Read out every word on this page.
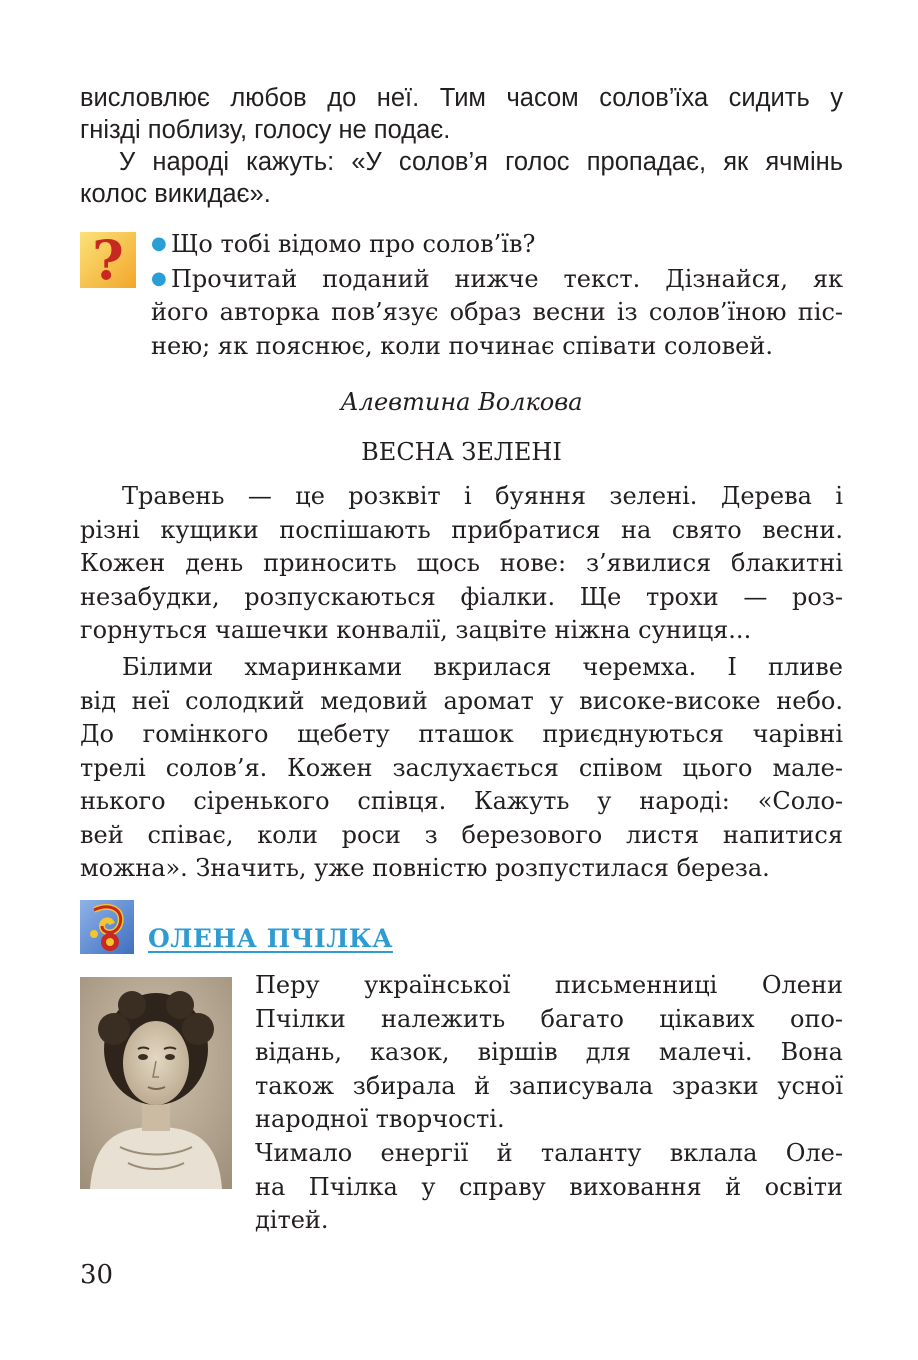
висловлює любов до неї. Тим часом солов’їха сидить у

гнізді поблизу, голосу не подає.

У народі кажуть: «У солов’я голос пропадає, як ячмінь

колос викидає».

? ● Що тобі відомо про солов’їв?

● Прочитай поданий нижче текст. Дізнайся, як

його авторка пов’язує образ весни із солов’їною піс-

нею; як пояснює, коли починає співати соловей.

Алевтина Волкова
ВЕСНА ЗЕЛЕНІ

Травень — це розквіт і буяння зелені. Дерева і

різні кущики поспішають прибратися на свято весни.

Кожен день приносить щось нове: з’явилися блакитні

незабудки, розпускаються фіалки. Ще трохи — роз-

горнуться чашечки конвалії, зацвіте ніжна суниця...

Білими хмаринками вкрилася черемха. І пливе

від неї солодкий медовий аромат у високе-високе небо.

До гомінкого щебету пташок приєднуються чарівні

трелі солов’я. Кожен заслухається співом цього мале-

нького сіренького співця. Кажуть у народі: «Соло-

вей співає, коли роси з березового листя напитися

можна». Значить, уже повністю розпустилася береза.

ОЛЕНА ПЧІЛКА

Перу української письменниці Олени

Пчілки належить багато цікавих опо-

відань, казок, віршів для малечі. Вона

також збирала й записувала зразки усної

народної творчості.

Чимало енергії й таланту вклала Оле-

на Пчілка у справу виховання й освіти

дітей.

30
